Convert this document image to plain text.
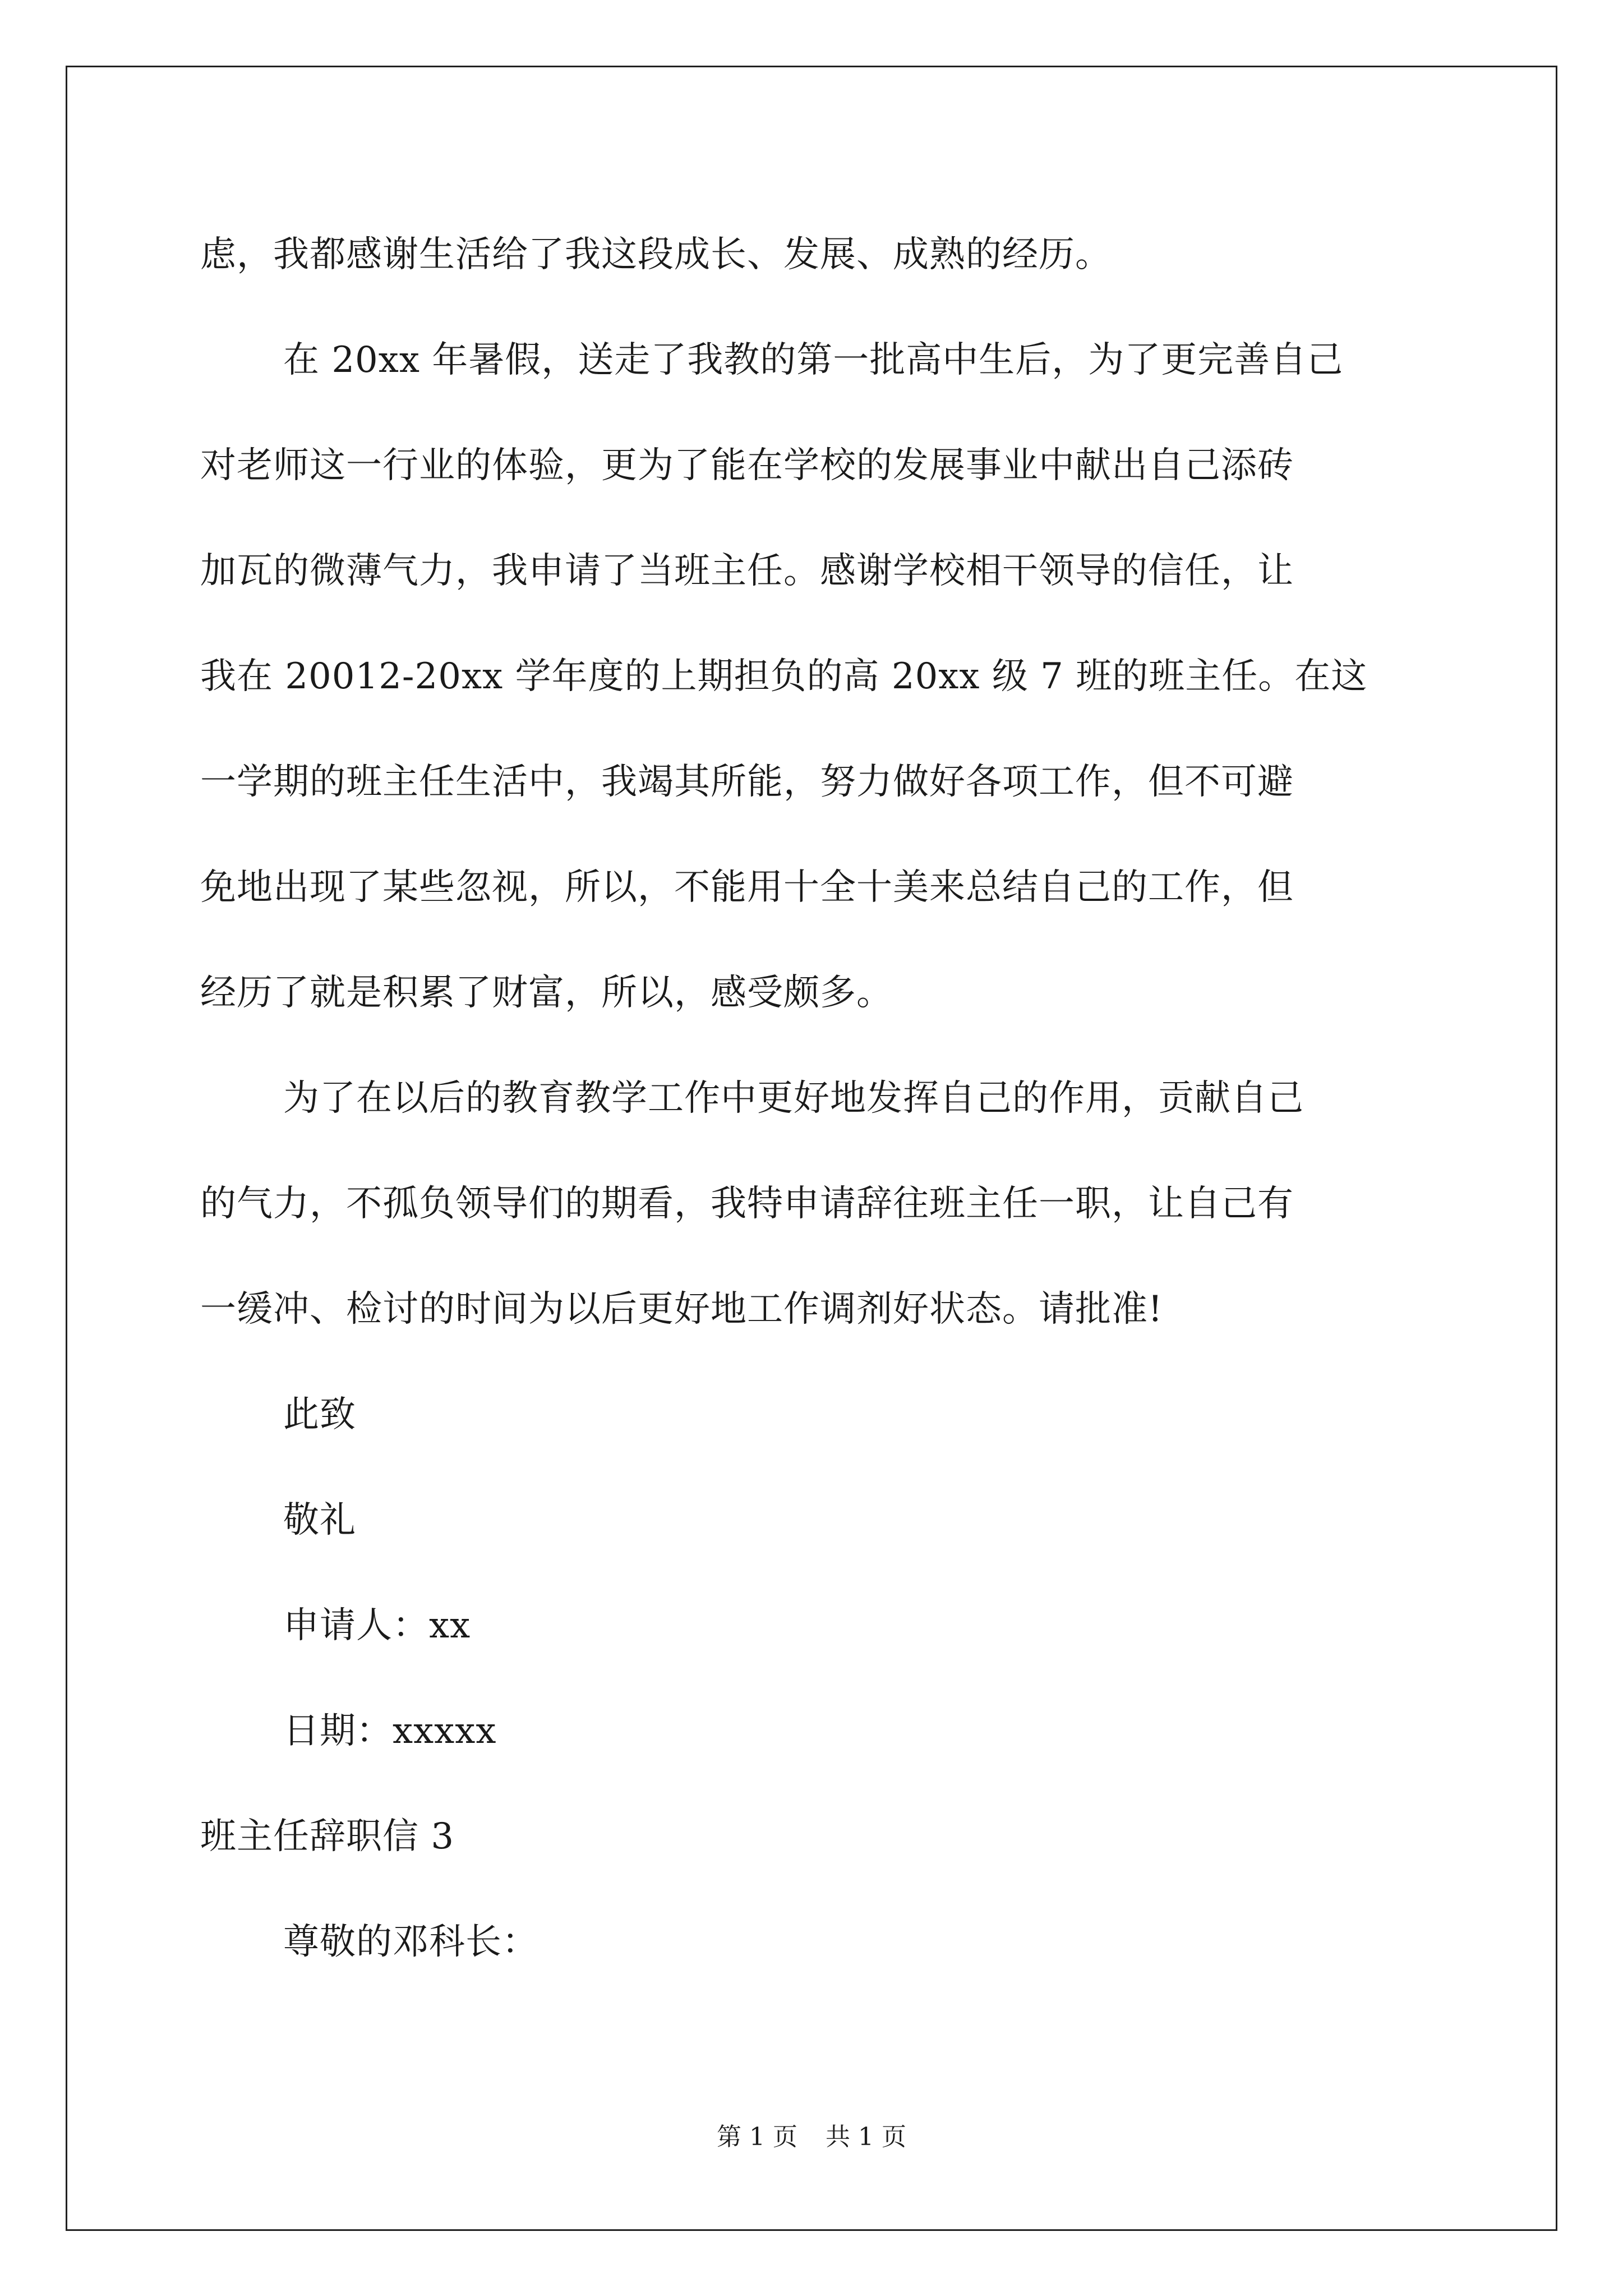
虑，我都感谢生活给了我这段成长、发展、成熟的经历。
在 20xx 年暑假，送走了我教的第一批高中生后，为了更完善自己
对老师这一行业的体验，更为了能在学校的发展事业中献出自己添砖
加瓦的微薄气力，我申请了当班主任。感谢学校相干领导的信任，让
我在 20012-20xx 学年度的上期担负的高 20xx 级 7 班的班主任。在这
一学期的班主任生活中，我竭其所能，努力做好各项工作，但不可避
免地出现了某些忽视，所以，不能用十全十美来总结自己的工作，但
经历了就是积累了财富，所以，感受颇多。
为了在以后的教育教学工作中更好地发挥自己的作用，贡献自己
的气力，不孤负领导们的期看，我特申请辞往班主任一职，让自己有
一缓冲、检讨的时间为以后更好地工作调剂好状态。请批准!
此致
敬礼
申请人：xx
日期：xxxxx
班主任辞职信 3
尊敬的邓科长：
第 1 页 共 1 页
